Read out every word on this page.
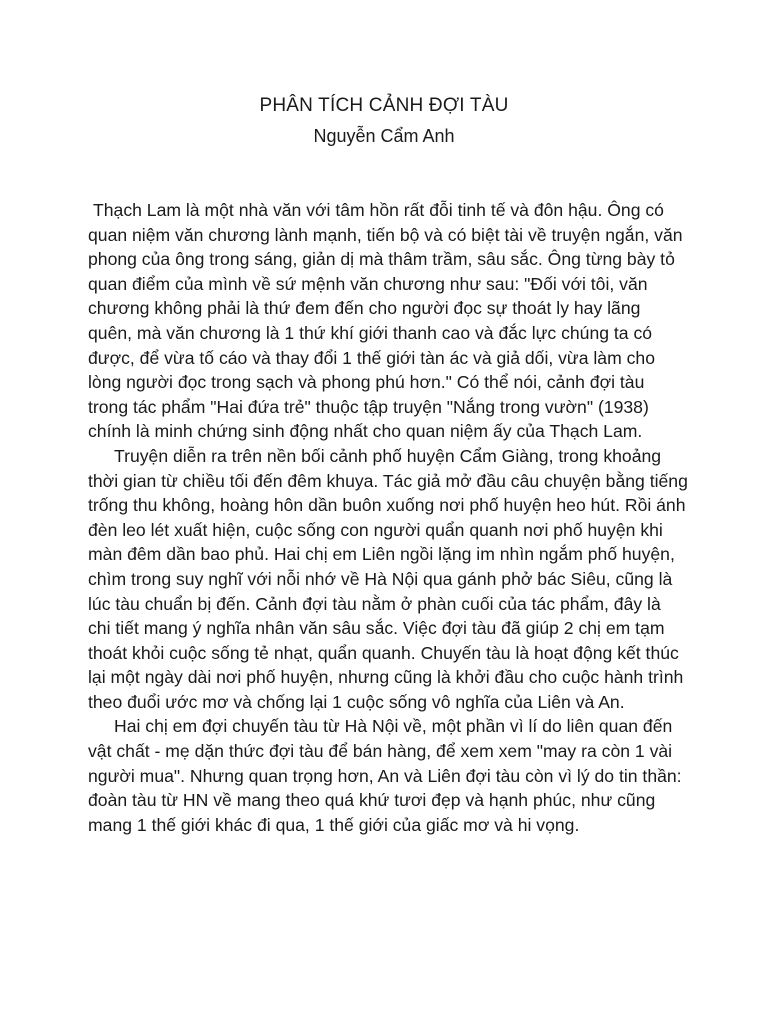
PHÂN TÍCH CẢNH ĐỢI TÀU
Nguyễn Cẩm Anh

Thạch Lam là một nhà văn với tâm hồn rất đỗi tinh tế và đôn hậu. Ông có quan niệm văn chương lành mạnh, tiến bộ và có biệt tài về truyện ngắn, văn phong của ông trong sáng, giản dị mà thâm trầm, sâu sắc. Ông từng bày tỏ quan điểm của mình về sứ mệnh văn chương như sau: "Đối với tôi, văn chương không phải là thứ đem đến cho người đọc sự thoát ly hay lãng quên, mà văn chương là 1 thứ khí giới thanh cao và đắc lực chúng ta có được, để vừa tố cáo và thay đổi 1 thế giới tàn ác và giả dối, vừa làm cho lòng người đọc trong sạch và phong phú hơn." Có thể nói, cảnh đợi tàu trong tác phẩm "Hai đứa trẻ" thuộc tập truyện "Nắng trong vườn" (1938) chính là minh chứng sinh động nhất cho quan niệm ấy của Thạch Lam.

Truyện diễn ra trên nền bối cảnh phố huyện Cẩm Giàng, trong khoảng thời gian từ chiều tối đến đêm khuya. Tác giả mở đầu câu chuyện bằng tiếng trống thu không, hoàng hôn dần buôn xuống nơi phố huyện heo hút. Rồi ánh đèn leo lét xuất hiện, cuộc sống con người quẩn quanh nơi phố huyện khi màn đêm dần bao phủ. Hai chị em Liên ngồi lặng im nhìn ngắm phố huyện, chìm trong suy nghĩ với nỗi nhớ về Hà Nội qua gánh phở bác Siêu, cũng là lúc tàu chuẩn bị đến. Cảnh đợi tàu nằm ở phàn cuối của tác phẩm, đây là chi tiết mang ý nghĩa nhân văn sâu sắc. Việc đợi tàu đã giúp 2 chị em tạm thoát khỏi cuộc sống tẻ nhạt, quẩn quanh. Chuyến tàu là hoạt động kết thúc lại một ngày dài nơi phố huyện, nhưng cũng là khởi đầu cho cuộc hành trình theo đuổi ước mơ và chống lại 1 cuộc sống vô nghĩa của Liên và An.

Hai chị em đợi chuyến tàu từ Hà Nội về, một phần vì lí do liên quan đến vật chất - mẹ dặn thức đợi tàu để bán hàng, để xem xem "may ra còn 1 vài người mua". Nhưng quan trọng hơn, An và Liên đợi tàu còn vì lý do tin thần: đoàn tàu từ HN về mang theo quá khứ tươi đẹp và hạnh phúc, như cũng mang 1 thế giới khác đi qua, 1 thế giới của giấc mơ và hi vọng.
